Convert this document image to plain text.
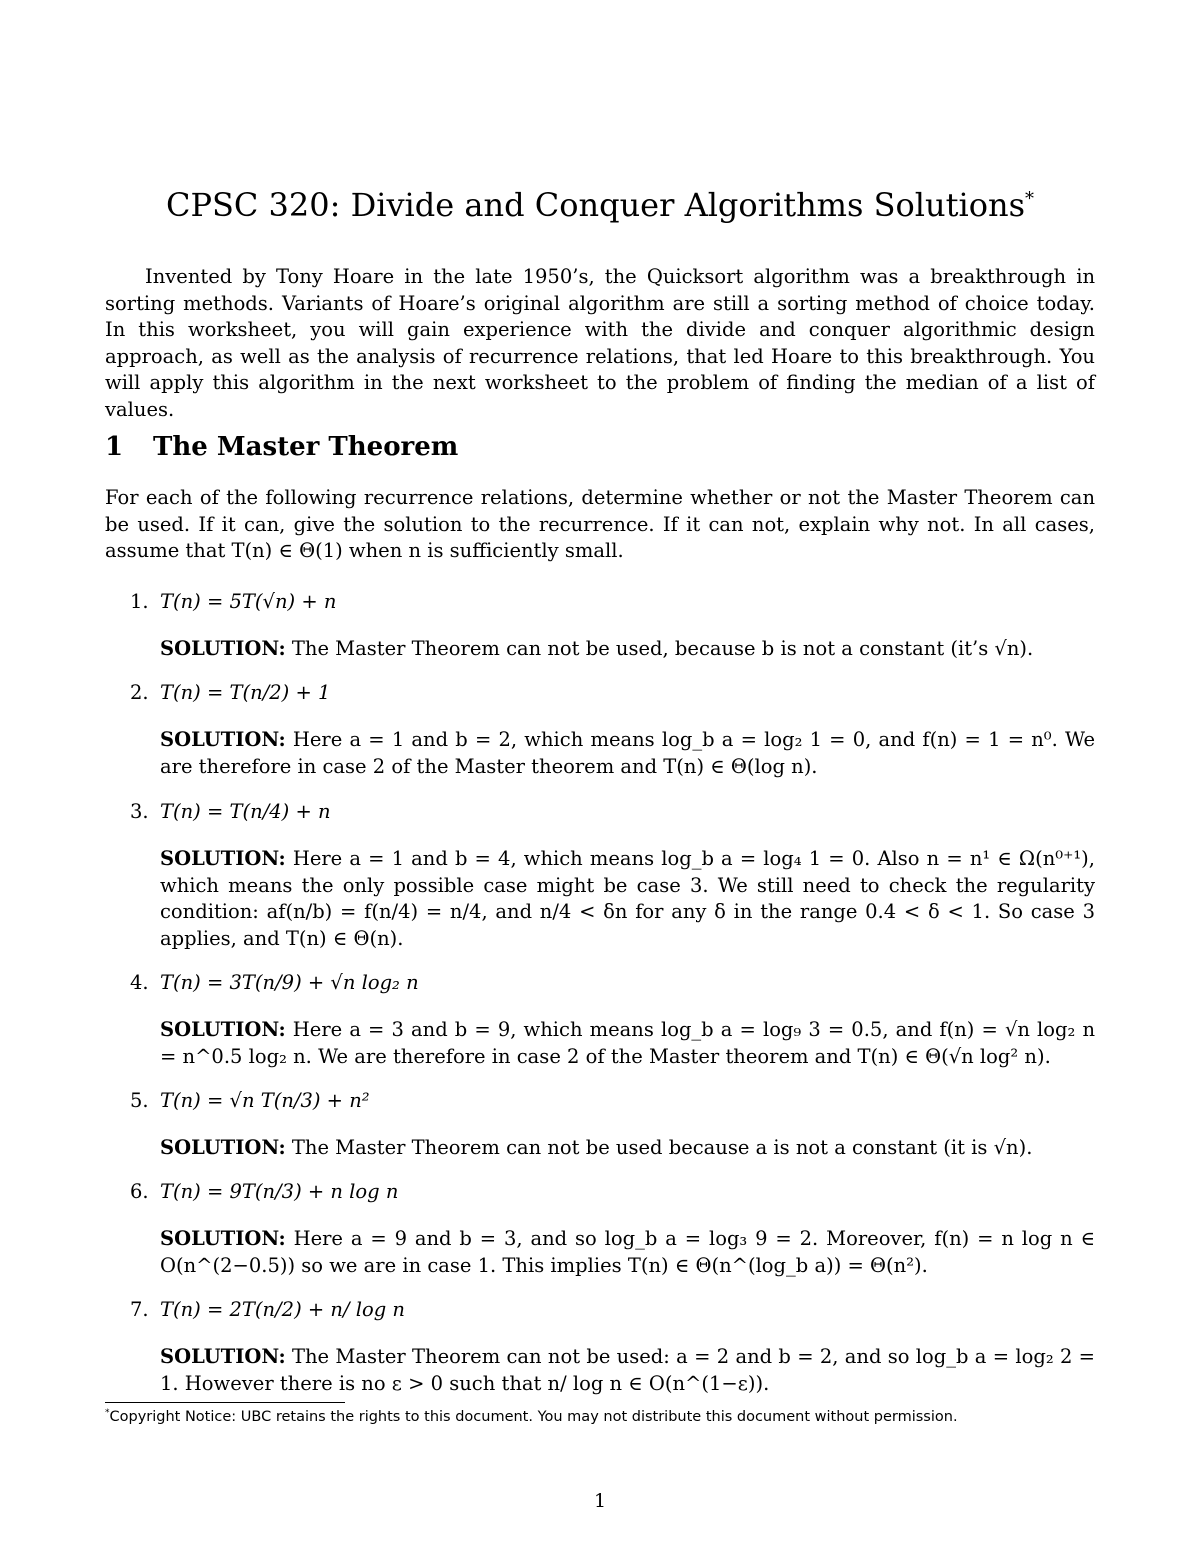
CPSC 320: Divide and Conquer Algorithms Solutions*

Invented by Tony Hoare in the late 1950’s, the Quicksort algorithm was a breakthrough in sorting methods. Variants of Hoare’s original algorithm are still a sorting method of choice today. In this worksheet, you will gain experience with the divide and conquer algorithmic design approach, as well as the analysis of recurrence relations, that led Hoare to this breakthrough. You will apply this algorithm in the next worksheet to the problem of finding the median of a list of values.

1 The Master Theorem

For each of the following recurrence relations, determine whether or not the Master Theorem can be used. If it can, give the solution to the recurrence. If it can not, explain why not. In all cases, assume that T(n) ∈ Θ(1) when n is sufficiently small.

1. T(n) = 5T(√n) + n
SOLUTION: The Master Theorem can not be used, because b is not a constant (it’s √n).
2. T(n) = T(n/2) + 1
SOLUTION: Here a = 1 and b = 2, which means log_b a = log₂ 1 = 0, and f(n) = 1 = n⁰. We are therefore in case 2 of the Master theorem and T(n) ∈ Θ(log n).
3. T(n) = T(n/4) + n
SOLUTION: Here a = 1 and b = 4, which means log_b a = log₄ 1 = 0. Also n = n¹ ∈ Ω(n⁰⁺¹), which means the only possible case might be case 3. We still need to check the regularity condition: af(n/b) = f(n/4) = n/4, and n/4 < δn for any δ in the range 0.4 < δ < 1. So case 3 applies, and T(n) ∈ Θ(n).
4. T(n) = 3T(n/9) + √n log₂ n
SOLUTION: Here a = 3 and b = 9, which means log_b a = log₉ 3 = 0.5, and f(n) = √n log₂ n = n^0.5 log₂ n. We are therefore in case 2 of the Master theorem and T(n) ∈ Θ(√n log² n).
5. T(n) = √n T(n/3) + n²
SOLUTION: The Master Theorem can not be used because a is not a constant (it is √n).
6. T(n) = 9T(n/3) + n log n
SOLUTION: Here a = 9 and b = 3, and so log_b a = log₃ 9 = 2. Moreover, f(n) = n log n ∈ O(n^(2−0.5)) so we are in case 1. This implies T(n) ∈ Θ(n^(log_b a)) = Θ(n²).
7. T(n) = 2T(n/2) + n/ log n
SOLUTION: The Master Theorem can not be used: a = 2 and b = 2, and so log_b a = log₂ 2 = 1. However there is no ε > 0 such that n/ log n ∈ O(n^(1−ε)).
*Copyright Notice: UBC retains the rights to this document. You may not distribute this document without permission.
1
